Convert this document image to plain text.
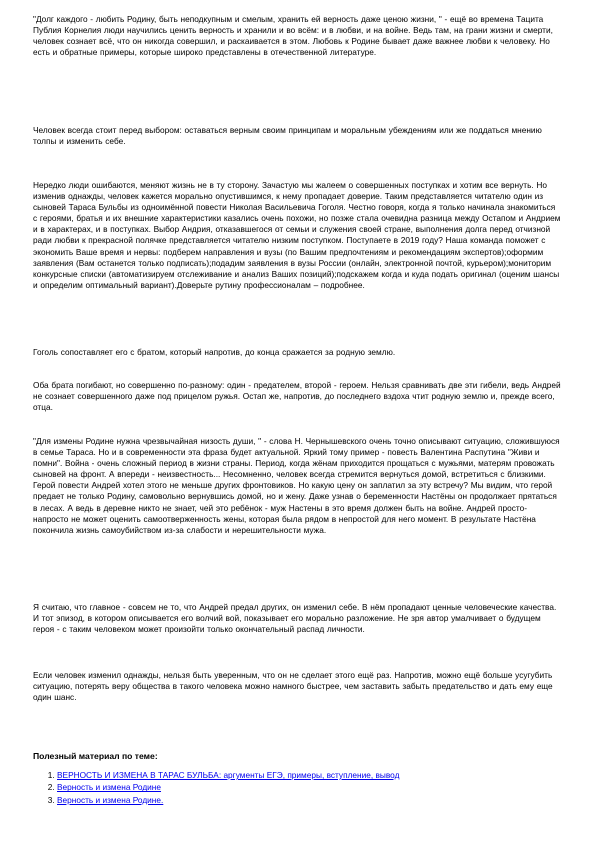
"Долг каждого - любить Родину, быть неподкупным и смелым, хранить ей верность даже ценою жизни, " - ещё во времена Тацита Публия Корнелия люди научились ценить верность и хранили и во всём: и в любви, и на войне. Ведь там, на грани жизни и смерти, человек сознает всё, что он никогда совершил, и раскаивается в этом. Любовь к Родине бывает даже важнее любви к человеку. Но есть и обратные примеры, которые широко представлены в отечественной литературе.

Человек всегда стоит перед выбором: оставаться верным своим принципам и моральным убеждениям или же поддаться мнению толпы и изменить себе.

Нередко люди ошибаются, меняют жизнь не в ту сторону. Зачастую мы жалеем о совершенных поступках и хотим все вернуть. Но изменив однажды, человек кажется морально опустившимся, к нему пропадает доверие. Таким представляется читателю один из сыновей Тараса Бульбы из одноимённой повести Николая Васильевича Гоголя. Честно говоря, когда я только начинала знакомиться с героями, братья и их внешние характеристики казались очень похожи, но позже стала очевидна разница между Остапом и Андрием и в характерах, и в поступках. Выбор Андрия, отказавшегося от семьи и служения своей стране, выполнения долга перед отчизной ради любви к прекрасной полячке представляется читателю низким поступком. Поступаете в 2019 году? Наша команда поможет с экономить Ваше время и нервы: подберем направления и вузы (по Вашим предпочтениям и рекомендациям экспертов);оформим заявления (Вам останется только подписать);подадим заявления в вузы России (онлайн, электронной почтой, курьером);мониторим конкурсные списки (автоматизируем отслеживание и анализ Ваших позиций);подскажем когда и куда подать оригинал (оценим шансы и определим оптимальный вариант).Доверьте рутину профессионалам – подробнее.

Гоголь сопоставляет его с братом, который напротив, до конца сражается за родную землю.

Оба брата погибают, но совершенно по-разному: один - предателем, второй - героем. Нельзя сравнивать две эти гибели, ведь Андрей не сознает совершенного даже под прицелом ружья. Остап же, напротив, до последнего вздоха чтит родную землю и, прежде всего, отца.

"Для измены Родине нужна чрезвычайная низость души, " - слова Н. Чернышевского очень точно описывают ситуацию, сложившуюся в семье Тараса. Но и в современности эта фраза будет актуальной. Яркий тому пример - повесть Валентина Распутина "Живи и помни". Война - очень сложный период в жизни страны. Период, когда жёнам приходится прощаться с мужьями, матерям провожать сыновей на фронт. А впереди - неизвестность... Несомненно, человек всегда стремится вернуться домой, встретиться с близкими. Герой повести Андрей хотел этого не меньше других фронтовиков. Но какую цену он заплатил за эту встречу? Мы видим, что герой предает не только Родину, самовольно вернувшись домой, но и жену. Даже узнав о беременности Настёны он продолжает прятаться в лесах. А ведь в деревне никто не знает, чей это ребёнок - муж Настены в это время должен быть на войне. Андрей просто-напросто не может оценить самоотверженность жены, которая была рядом в непростой для него момент. В результате Настёна покончила жизнь самоубийством из-за слабости и нерешительности мужа.

Я считаю, что главное - совсем не то, что Андрей предал других, он изменил себе. В нём пропадают ценные человеческие качества. И тот эпизод, в котором описывается его волчий вой, показывает его морально разложение. Не зря автор умалчивает о будущем героя - с таким человеком может произойти только окончательный распад личности.

Если человек изменил однажды, нельзя быть уверенным, что он не сделает этого ещё раз. Напротив, можно ещё больше усугубить ситуацию, потерять веру общества в такого человека можно намного быстрее, чем заставить забыть предательство и дать ему еще один шанс.

Полезный материал по теме:

1. ВЕРНОСТЬ И ИЗМЕНА В ТАРАС БУЛЬБА: аргументы ЕГЭ, примеры, вступление, вывод
2. Верность и измена Родине
3. Верность и измена Родине.
